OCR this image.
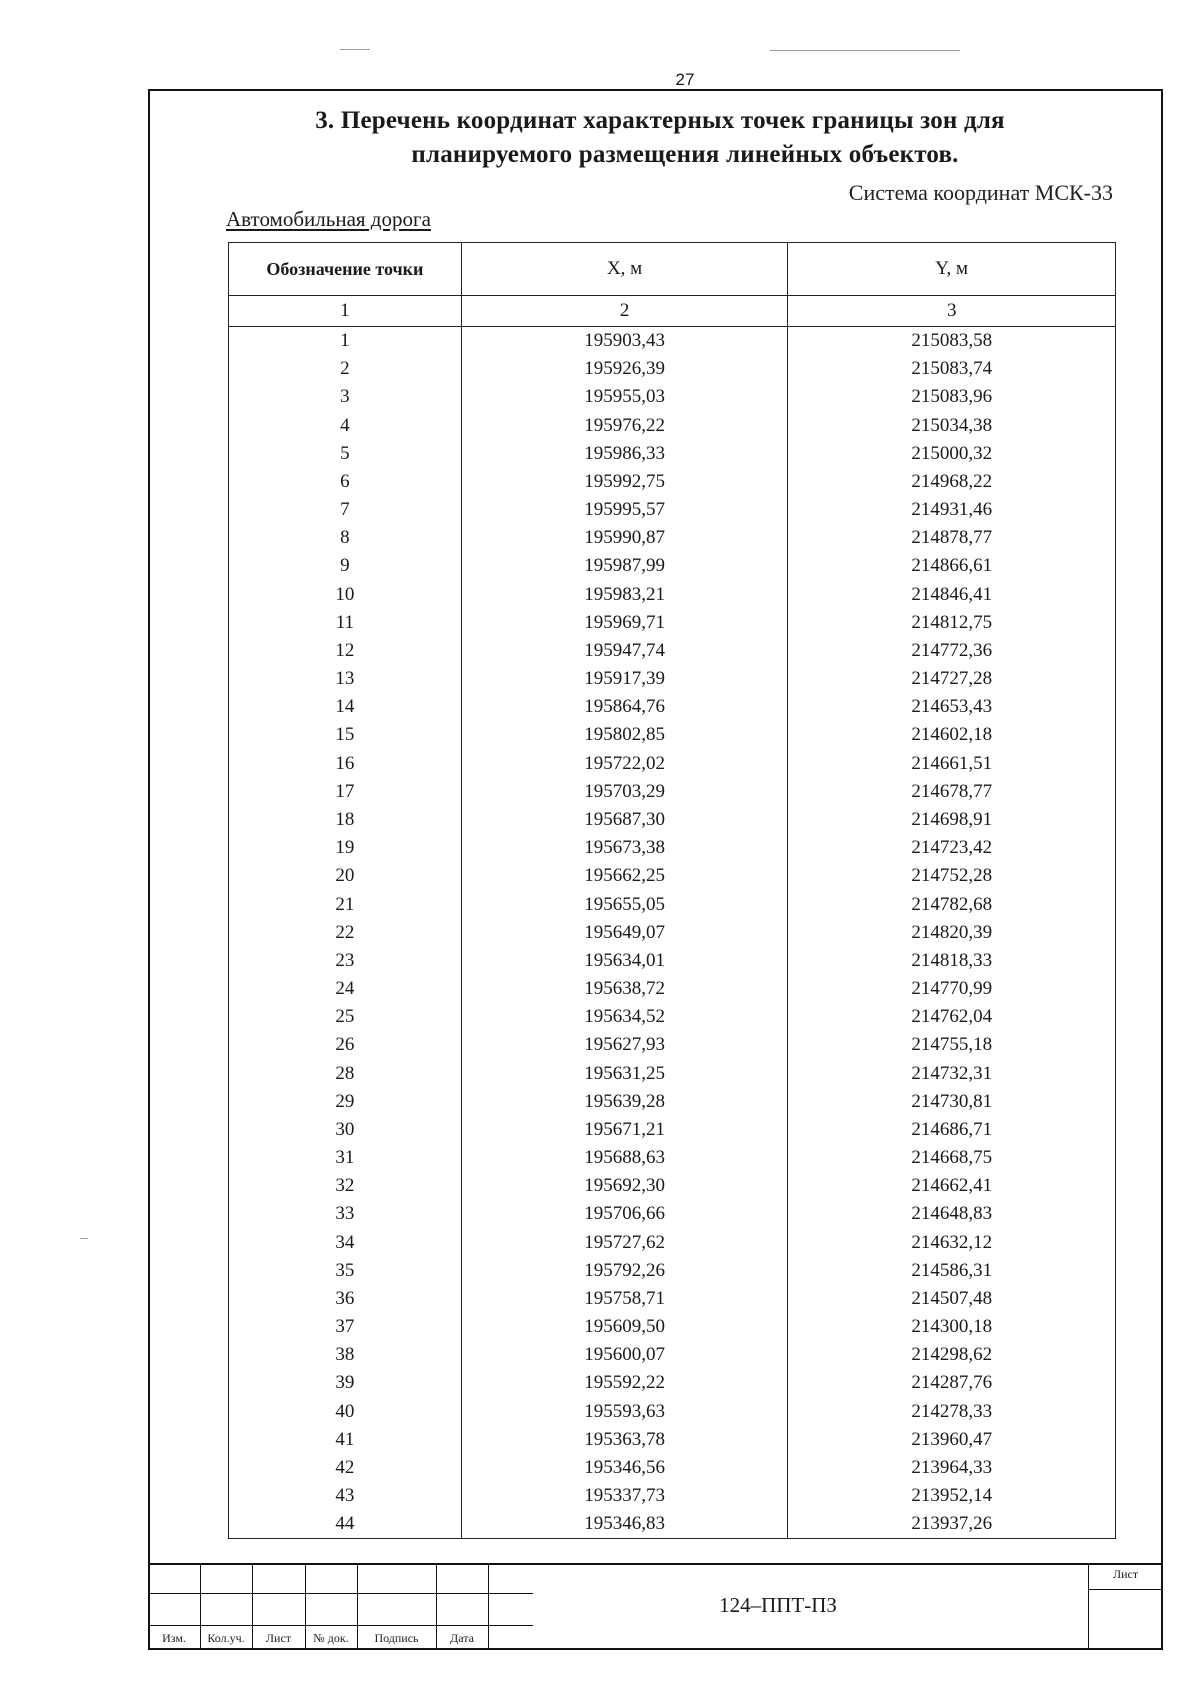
27
3. Перечень координат характерных точек границы зон для
планируемого размещения линейных объектов.
Система координат МСК-33
Автомобильная дорога
Обозначение точки	X, м	Y, м
1	2	3
1	195903,43	215083,58
2	195926,39	215083,74
3	195955,03	215083,96
4	195976,22	215034,38
5	195986,33	215000,32
6	195992,75	214968,22
7	195995,57	214931,46
8	195990,87	214878,77
9	195987,99	214866,61
10	195983,21	214846,41
11	195969,71	214812,75
12	195947,74	214772,36
13	195917,39	214727,28
14	195864,76	214653,43
15	195802,85	214602,18
16	195722,02	214661,51
17	195703,29	214678,77
18	195687,30	214698,91
19	195673,38	214723,42
20	195662,25	214752,28
21	195655,05	214782,68
22	195649,07	214820,39
23	195634,01	214818,33
24	195638,72	214770,99
25	195634,52	214762,04
26	195627,93	214755,18
28	195631,25	214732,31
29	195639,28	214730,81
30	195671,21	214686,71
31	195688,63	214668,75
32	195692,30	214662,41
33	195706,66	214648,83
34	195727,62	214632,12
35	195792,26	214586,31
36	195758,71	214507,48
37	195609,50	214300,18
38	195600,07	214298,62
39	195592,22	214287,76
40	195593,63	214278,33
41	195363,78	213960,47
42	195346,56	213964,33
43	195337,73	213952,14
44	195346,83	213937,26
Изм.	Кол.уч.	Лист	№ док.	Подпись	Дата
124–ППТ-ПЗ
Лист
